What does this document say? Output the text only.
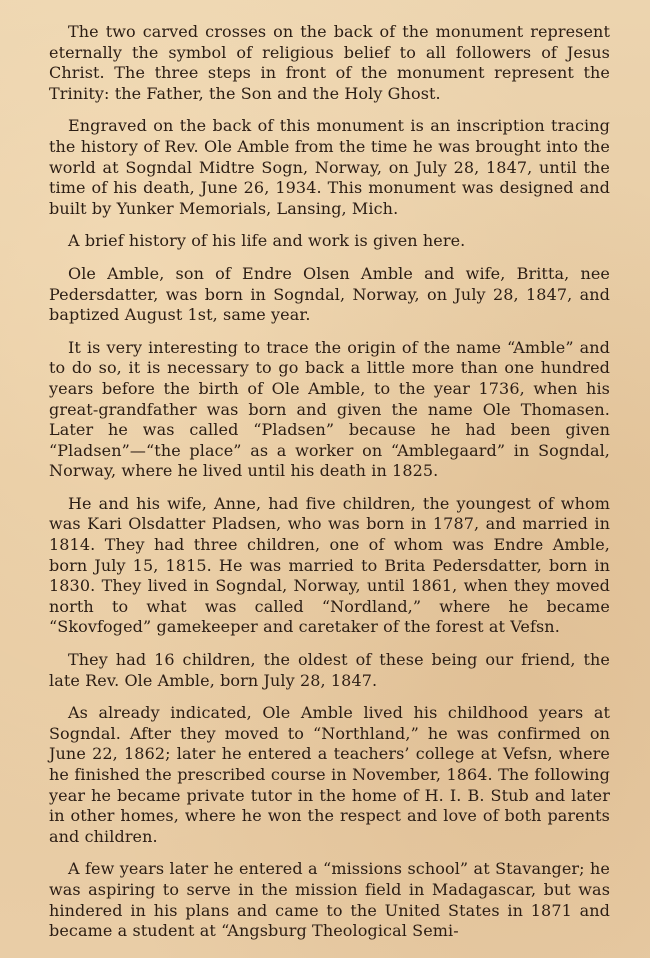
The two carved crosses on the back of the monument represent eternally the symbol of religious belief to all followers of Jesus Christ. The three steps in front of the monument represent the Trinity: the Father, the Son and the Holy Ghost.

Engraved on the back of this monument is an inscription tracing the history of Rev. Ole Amble from the time he was brought into the world at Sogndal Midtre Sogn, Norway, on July 28, 1847, until the time of his death, June 26, 1934. This monument was designed and built by Yunker Memorials, Lansing, Mich.

A brief history of his life and work is given here.

Ole Amble, son of Endre Olsen Amble and wife, Britta, nee Pedersdatter, was born in Sogndal, Norway, on July 28, 1847, and baptized August 1st, same year.

It is very interesting to trace the origin of the name “Amble” and to do so, it is necessary to go back a little more than one hundred years before the birth of Ole Amble, to the year 1736, when his great-grandfather was born and given the name Ole Thomasen. Later he was called “Pladsen” because he had been given “Pladsen”—“the place” as a worker on “Amblegaard” in Sogndal, Norway, where he lived until his death in 1825.

He and his wife, Anne, had five children, the youngest of whom was Kari Olsdatter Pladsen, who was born in 1787, and married in 1814. They had three children, one of whom was Endre Amble, born July 15, 1815. He was married to Brita Pedersdatter, born in 1830. They lived in Sogndal, Norway, until 1861, when they moved north to what was called “Nordland,” where he became “Skovfoged” gamekeeper and caretaker of the forest at Vefsn.

They had 16 children, the oldest of these being our friend, the late Rev. Ole Amble, born July 28, 1847.

As already indicated, Ole Amble lived his childhood years at Sogndal. After they moved to “Northland,” he was confirmed on June 22, 1862; later he entered a teachers’ college at Vefsn, where he finished the prescribed course in November, 1864. The following year he became private tutor in the home of H. I. B. Stub and later in other homes, where he won the respect and love of both parents and children.

A few years later he entered a “missions school” at Stavanger; he was aspiring to serve in the mission field in Madagascar, but was hindered in his plans and came to the United States in 1871 and became a student at “Angsburg Theological Semi-
